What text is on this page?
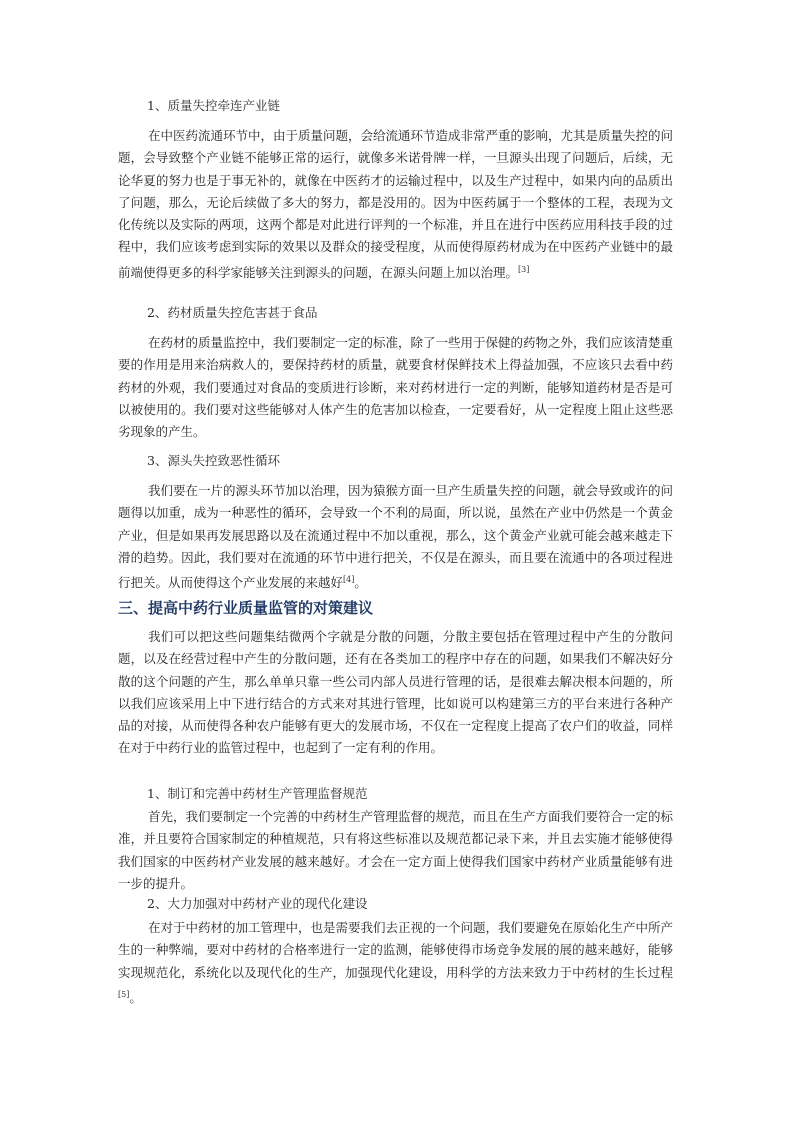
1、质量失控牵连产业链

在中医药流通环节中，由于质量问题，会给流通环节造成非常严重的影响，尤其是质量失控的问题，会导致整个产业链不能够正常的运行，就像多米诺骨牌一样，一旦源头出现了问题后，后续，无论华夏的努力也是于事无补的，就像在中医药才的运输过程中，以及生产过程中，如果内向的品质出了问题，那么，无论后续做了多大的努力，都是没用的。因为中医药属于一个整体的工程，表现为文化传统以及实际的两项，这两个都是对此进行评判的一个标准，并且在进行中医药应用科技手段的过程中，我们应该考虑到实际的效果以及群众的接受程度，从而使得原药材成为在中医药产业链中的最前端使得更多的科学家能够关注到源头的问题，在源头问题上加以治理。[3]

2、药材质量失控危害甚于食品

在药材的质量监控中，我们要制定一定的标准，除了一些用于保健的药物之外，我们应该清楚重要的作用是用来治病救人的，要保持药材的质量，就要食材保鲜技术上得益加强，不应该只去看中药药材的外观，我们要通过对食品的变质进行诊断，来对药材进行一定的判断，能够知道药材是否是可以被使用的。我们要对这些能够对人体产生的危害加以检查，一定要看好，从一定程度上阻止这些恶劣现象的产生。

3、源头失控致恶性循环

我们要在一片的源头环节加以治理，因为猿猴方面一旦产生质量失控的问题，就会导致或许的问题得以加重，成为一种恶性的循环，会导致一个不利的局面，所以说，虽然在产业中仍然是一个黄金产业，但是如果再发展思路以及在流通过程中不加以重视，那么，这个黄金产业就可能会越来越走下滑的趋势。因此，我们要对在流通的环节中进行把关，不仅是在源头，而且要在流通中的各项过程进行把关。从而使得这个产业发展的来越好[4]。

三、提高中药行业质量监管的对策建议

我们可以把这些问题集结微两个字就是分散的问题，分散主要包括在管理过程中产生的分散问题，以及在经营过程中产生的分散问题，还有在各类加工的程序中存在的问题，如果我们不解决好分散的这个问题的产生，那么单单只靠一些公司内部人员进行管理的话，是很难去解决根本问题的，所以我们应该采用上中下进行结合的方式来对其进行管理，比如说可以构建第三方的平台来进行各种产品的对接，从而使得各种农户能够有更大的发展市场，不仅在一定程度上提高了农户们的收益，同样在对于中药行业的监管过程中，也起到了一定有利的作用。

1、制订和完善中药材生产管理监督规范

首先，我们要制定一个完善的中药材生产管理监督的规范，而且在生产方面我们要符合一定的标准，并且要符合国家制定的种植规范，只有将这些标准以及规范都记录下来，并且去实施才能够使得我们国家的中医药材产业发展的越来越好。才会在一定方面上使得我们国家中药材产业质量能够有进一步的提升。

2、大力加强对中药材产业的现代化建设

在对于中药材的加工管理中，也是需要我们去正视的一个问题，我们要避免在原始化生产中所产生的一种弊端，要对中药材的合格率进行一定的监测，能够使得市场竞争发展的展的越来越好，能够实现规范化，系统化以及现代化的生产，加强现代化建设，用科学的方法来致力于中药材的生长过程[5]。
